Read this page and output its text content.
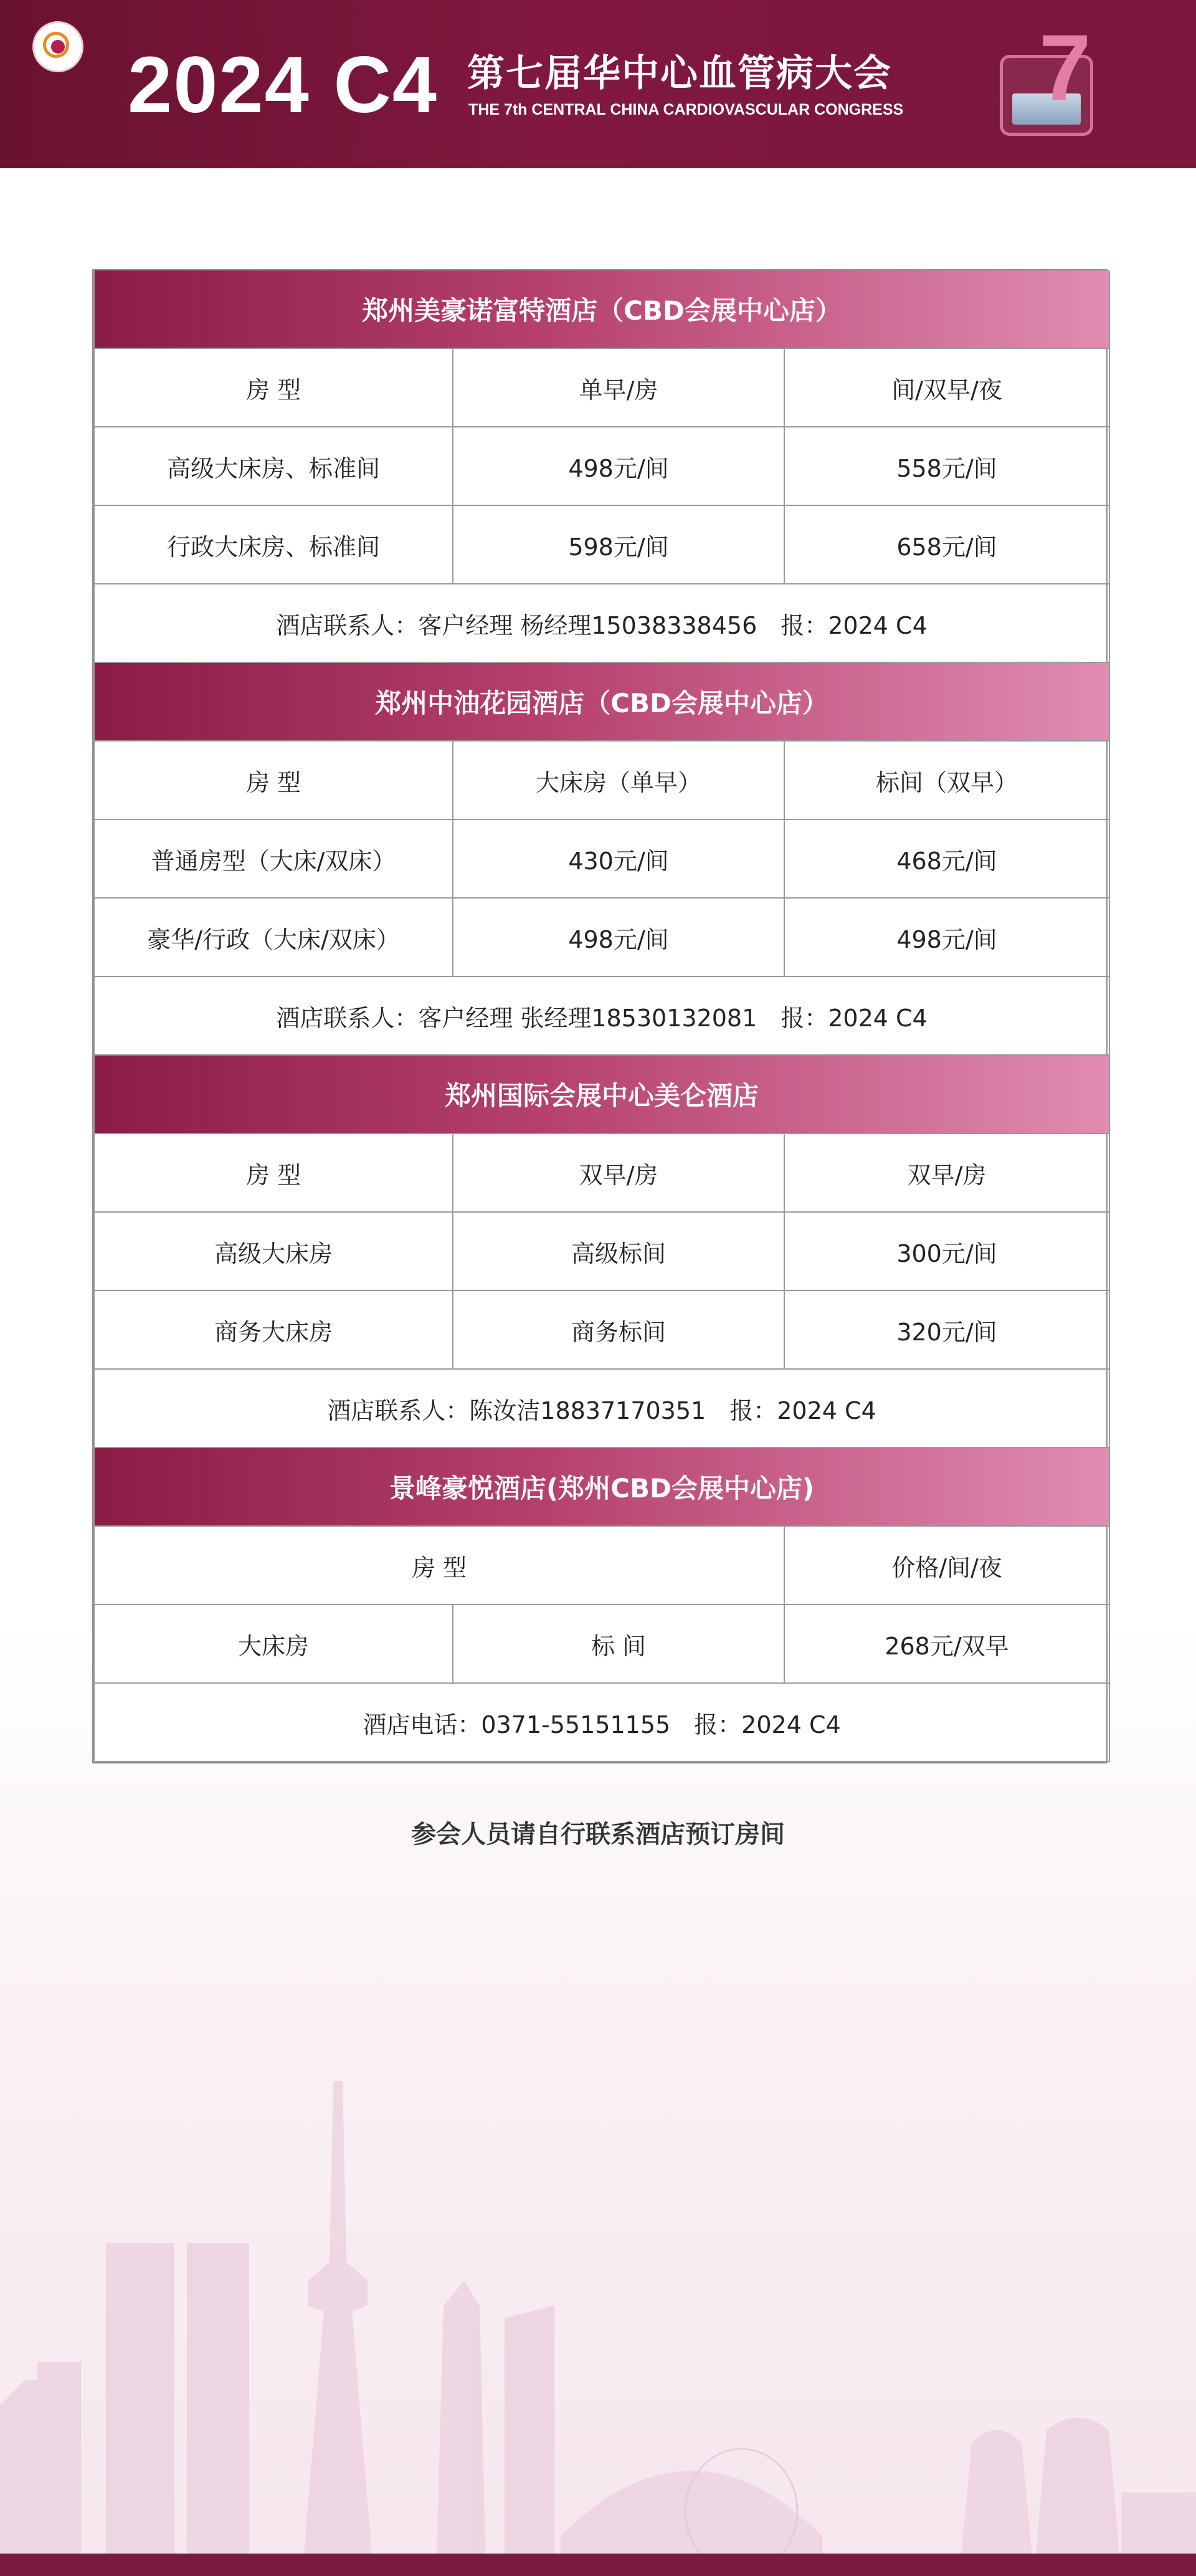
2024 C4 第七届华中心血管病大会
THE 7th CENTRAL CHINA CARDIOVASCULAR CONGRESS 7
郑州美豪诺富特酒店（CBD会展中心店）		
房 型	单早/房	间/双早/夜
高级大床房、标准间	498元/间	558元/间
行政大床房、标准间	598元/间	658元/间
酒店联系人：客户经理 杨经理15038338456　报：2024 C4		
郑州中油花园酒店（CBD会展中心店）		
房 型	大床房（单早）	标间（双早）
普通房型（大床/双床）	430元/间	468元/间
豪华/行政（大床/双床）	498元/间	498元/间
酒店联系人：客户经理 张经理18530132081　报：2024 C4		
郑州国际会展中心美仑酒店		
房 型	双早/房	双早/房
高级大床房	高级标间	300元/间
商务大床房	商务标间	320元/间
酒店联系人：陈汝洁18837170351　报：2024 C4		
景峰豪悦酒店(郑州CBD会展中心店)		
房 型		价格/间/夜
大床房	标 间	268元/双早
酒店电话：0371-55151155　报：2024 C4		
参会人员请自行联系酒店预订房间
